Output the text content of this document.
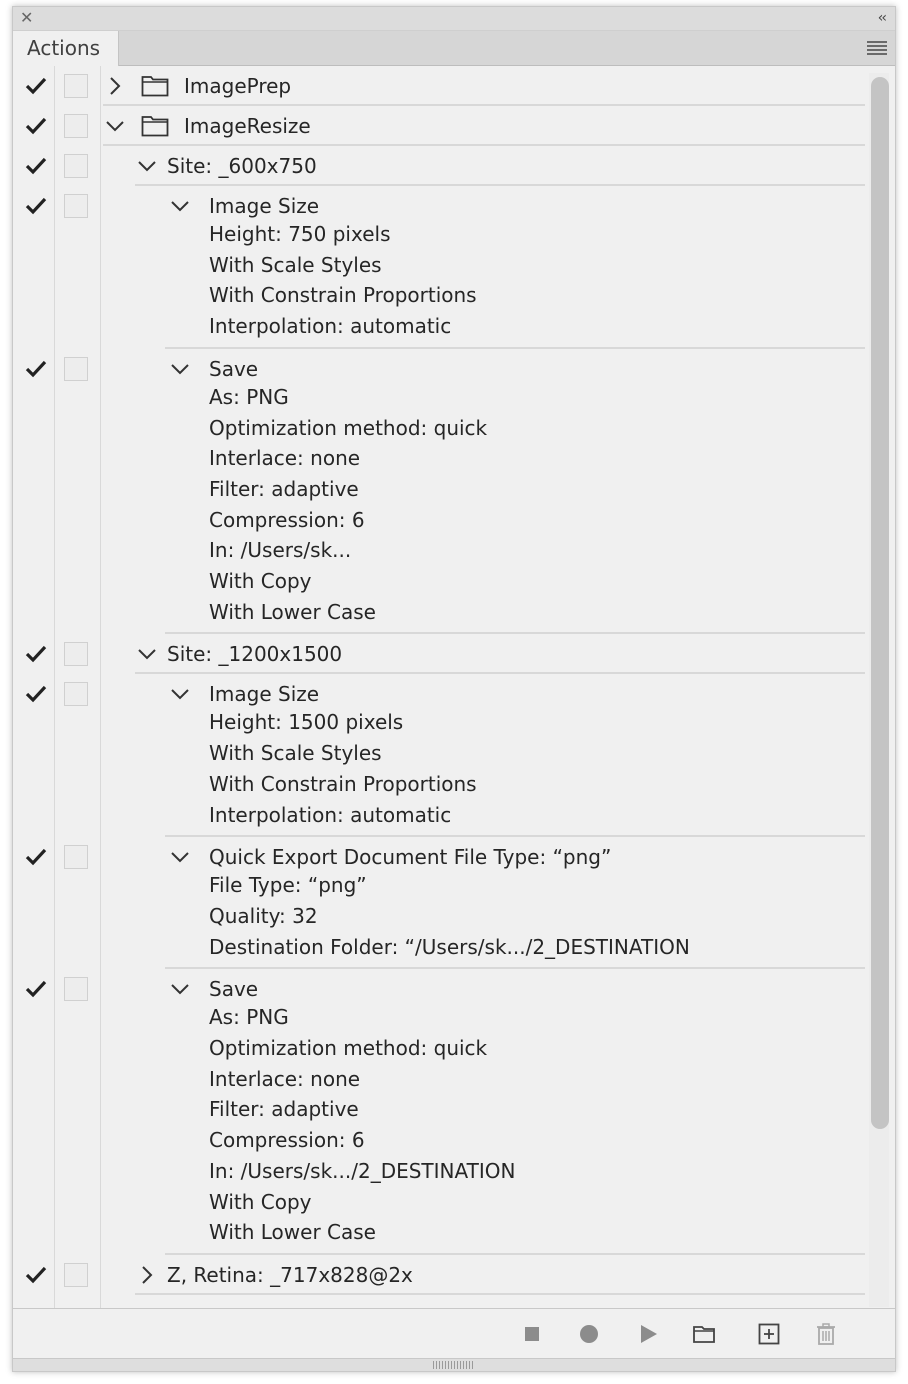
✕	‹‹
Actions
ImagePrep
ImageResize
Site: _600x750
Image Size
Height: 750 pixels
With Scale Styles
With Constrain Proportions
Interpolation: automatic
Save
As: PNG
Optimization method: quick
Interlace: none
Filter: adaptive
Compression: 6
In: /Users/sk...
With Copy
With Lower Case
Site: _1200x1500
Image Size
Height: 1500 pixels
With Scale Styles
With Constrain Proportions
Interpolation: automatic
Quick Export Document File Type: “png”
File Type: “png”
Quality: 32
Destination Folder: “/Users/sk.../2_DESTINATION
Save
As: PNG
Optimization method: quick
Interlace: none
Filter: adaptive
Compression: 6
In: /Users/sk.../2_DESTINATION
With Copy
With Lower Case
Z, Retina: _717x828@2x
